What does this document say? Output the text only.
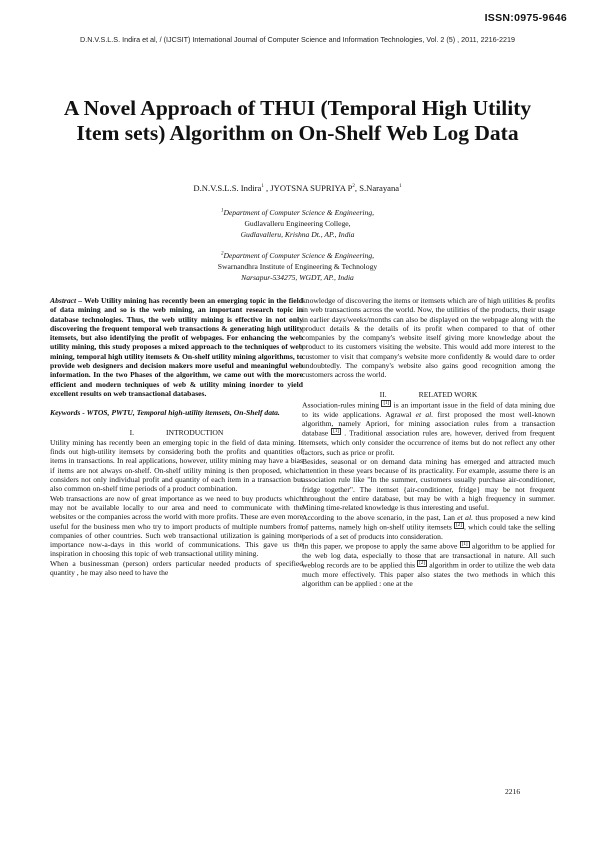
ISSN:0975-9646
D.N.V.S.L.S. Indira et al, / (IJCSIT) International Journal of Computer Science and Information Technologies, Vol. 2 (5) , 2011, 2216-2219
A Novel Approach of THUI (Temporal High Utility Item sets) Algorithm on On-Shelf Web Log Data
D.N.V.S.L.S. Indira$^1$ , JYOTSNA SUPRIYA $P^2$, S.Narayana$^1$
$^1$Department of Computer Science & Engineering,
Gudlavalleru Engineering College,
Gudlavalleru, Krishna Dt., AP., India
$^2$Department of Computer Science & Engineering,
Swarnandhra Institute of Engineering & Technology
Narsapur-534275, WGDT, AP., India

Abstract – Web Utility mining has recently been an emerging topic in the field of data mining and so is the web mining, an important research topic in database technologies. Thus, the web utility mining is effective in not only discovering the frequent temporal web transactions & generating high utility itemsets, but also identifying the profit of webpages. For enhancing the web utility mining, this study proposes a mixed approach to the techniques of web mining, temporal high utility itemsets & On-shelf utility mining algorithms, to provide web designers and decision makers more useful and meaningful web information. In the two Phases of the algorithm, we came out with the more efficient and modern techniques of web & utility mining inorder to yield excellent results on web transactional databases.

Keywords - WTOS, PWTU, Temporal high-utility itemsets, On-Shelf data.

I.	INTRODUCTION

Utility mining has recently been an emerging topic in the field of data mining. It finds out high-utility itemsets by considering both the profits and quantities of items in transactions. In real applications, however, utility mining may have a bias if items are not always on-shelf. On-shelf utility mining is then proposed, which considers not only individual profit and quantity of each item in a transaction but also common on-shelf time periods of a product combination.

Web transactions are now of great importance as we need to buy products which may not be available locally to our area and need to communicate with the websites or the companies across the world with more profits. These are even more useful for the business men who try to import products of multiple numbers from companies of other countries. Such web transactional utilization is gaining more importance now-a-days in this world of communications. This gave us the inspiration in choosing this topic of web transactional utility mining.

When a businessman (person) orders particular needed products of specified quantity , he may also need to have the

knowledge of discovering the items or itemsets which are of high utilities & profits in web transactions across the world. Now, the utilities of the products, their usage in earlier days/weeks/months can also be displayed on the webpage along with the product details & the details of its profit when compared to that of other companies by the company's website itself giving more knowledge about the product to its customers visiting the website. This would add more interest to the customer to visit that company's website more confidently & would dare to order undoubtedly. The company's website also gains good recognition among the customers across the world.

II.	RELATED WORK

Association-rules mining [1] is an important issue in the field of data mining due to its wide applications. Agrawal et al. first proposed the most well-known algorithm, namely Apriori, for mining association rules from a transaction database [1] . Traditional association rules are, however, derived from frequent itemsets, which only consider the occurrence of items but do not reflect any other factors, such as price or profit.

Besides, seasonal or on demand data mining has emerged and attracted much attention in these years because of its practicality. For example, assume there is an association rule like "In the summer, customers usually purchase air-conditioner, fridge together". The itemset {air-conditioner, fridge} may be not frequent throughout the entire database, but may be with a high frequency in summer. Mining time-related knowledge is thus interesting and useful.

According to the above scenario, in the past, Lan et al. thus proposed a new kind of patterns, namely high on-shelf utility itemsets [2] , which could take the selling periods of a set of products into consideration.

In this paper, we propose to apply the same above [1] algorithm to be applied for the web log data, especially to those that are transactional in nature. All such weblog records are to be applied this [2] algorithm in order to utilize the web data much more effectively. This paper also states the two methods in which this algorithm can be applied : one at the

2216
